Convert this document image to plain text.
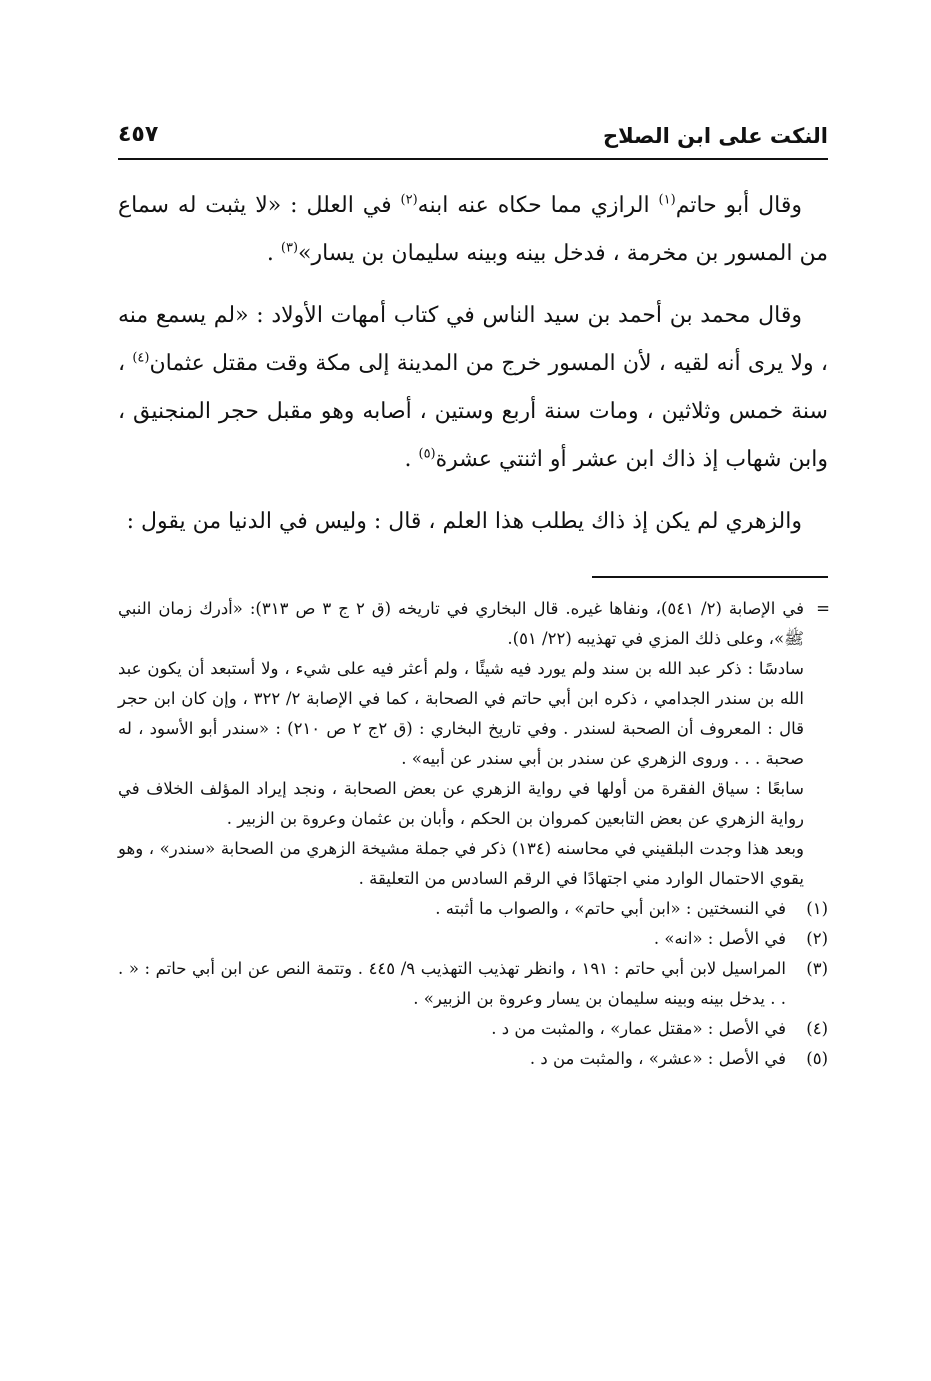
النكت على ابن الصلاح
٤٥٧

وقال أبو حاتم$^{(١)}$ الرازي مما حكاه عنه ابنه$^{(٢)}$ في العلل : «لا يثبت له سماع من المسور بن مخرمة ، فدخل بينه وبينه سليمان بن يسار»$^{(٣)}$ .

وقال محمد بن أحمد بن سيد الناس في كتاب أمهات الأولاد : «لم يسمع منه ، ولا يرى أنه لقيه ، لأن المسور خرج من المدينة إلى مكة وقت مقتل عثمان$^{(٤)}$ ، سنة خمس وثلاثين ، ومات سنة أربع وستين ، أصابه وهو مقبل حجر المنجنيق ، وابن شهاب إذ ذاك ابن عشر أو اثنتي عشرة$^{(٥)}$ .

والزهري لم يكن إذ ذاك يطلب هذا العلم ، قال : وليس في الدنيا من يقول :

=

في الإصابة (٢/ ٥٤١)، ونفاها غيره. قال البخاري في تاريخه (ق ٢ ج ٣ ص ٣١٣): «أدرك زمان النبي ﷺ»، وعلى ذلك المزي في تهذيبه (٢٢/ ٥١).

سادسًا : ذكر عبد الله بن سند ولم يورد فيه شيئًا ، ولم أعثر فيه على شيء ، ولا أستبعد أن يكون عبد الله بن سندر الجدامي ، ذكره ابن أبي حاتم في الصحابة ، كما في الإصابة ٢/ ٣٢٢ ، وإن كان ابن حجر قال : المعروف أن الصحبة لسندر . وفي تاريخ البخاري : (ق ٢ج ٢ ص ٢١٠) : «سندر أبو الأسود ، له صحبة . . . وروى الزهري عن سندر بن أبي سندر عن أبيه» .

سابعًا : سياق الفقرة من أولها في رواية الزهري عن بعض الصحابة ، ونجد إيراد المؤلف الخلاف في رواية الزهري عن بعض التابعين كمروان بن الحكم ، وأبان بن عثمان وعروة بن الزبير .

وبعد هذا وجدت البلقيني في محاسنه (١٣٤) ذكر في جملة مشيخة الزهري من الصحابة «سندر» ، وهو يقوي الاحتمال الوارد مني اجتهادًا في الرقم السادس من التعليقة .

(١)
في النسختين : «ابن أبي حاتم» ، والصواب ما أثبته .
(٢)
في الأصل : «انه» .
(٣)
المراسيل لابن أبي حاتم : ١٩١ ، وانظر تهذيب التهذيب ٩/ ٤٤٥ . وتتمة النص عن ابن أبي حاتم : « . . . يدخل بينه وبينه سليمان بن يسار وعروة بن الزبير» .
(٤)
في الأصل : «مقتل عمار» ، والمثبت من د .
(٥)
في الأصل : «عشر» ، والمثبت من د .
